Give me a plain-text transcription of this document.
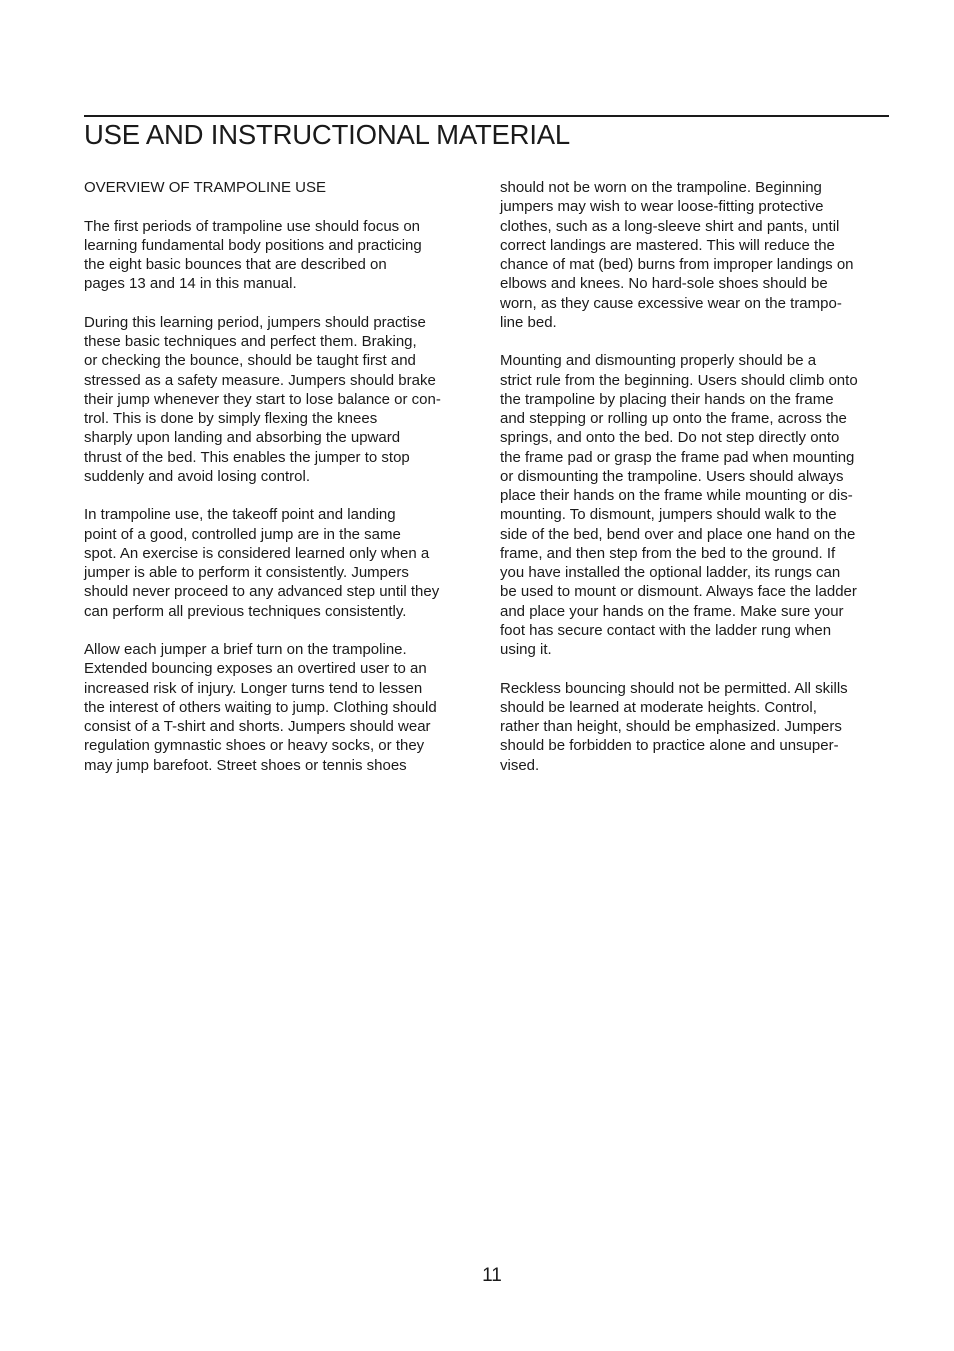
USE AND INSTRUCTIONAL MATERIAL
OVERVIEW OF TRAMPOLINE USE
The first periods of trampoline use should focus on
learning fundamental body positions and practicing
the eight basic bounces that are described on
pages 13 and 14 in this manual.
During this learning period, jumpers should practise
these basic techniques and perfect them. Braking,
or checking the bounce, should be taught first and
stressed as a safety measure. Jumpers should brake
their jump whenever they start to lose balance or con-
trol. This is done by simply flexing the knees
sharply upon landing and absorbing the upward
thrust of the bed. This enables the jumper to stop
suddenly and avoid losing control.
In trampoline use, the takeoff point and landing
point of a good, controlled jump are in the same
spot. An exercise is considered learned only when a
jumper is able to perform it consistently. Jumpers
should never proceed to any advanced step until they
can perform all previous techniques consistently.
Allow each jumper a brief turn on the trampoline.
Extended bouncing exposes an overtired user to an
increased risk of injury. Longer turns tend to lessen
the interest of others waiting to jump. Clothing should
consist of a T-shirt and shorts. Jumpers should wear
regulation gymnastic shoes or heavy socks, or they
may jump barefoot. Street shoes or tennis shoes
should not be worn on the trampoline. Beginning
jumpers may wish to wear loose-fitting protective
clothes, such as a long-sleeve shirt and pants, until
correct landings are mastered. This will reduce the
chance of mat (bed) burns from improper landings on
elbows and knees. No hard-sole shoes should be
worn, as they cause excessive wear on the trampo-
line bed.
Mounting and dismounting properly should be a
strict rule from the beginning. Users should climb onto
the trampoline by placing their hands on the frame
and stepping or rolling up onto the frame, across the
springs, and onto the bed. Do not step directly onto
the frame pad or grasp the frame pad when mounting
or dismounting the trampoline. Users should always
place their hands on the frame while mounting or dis-
mounting. To dismount, jumpers should walk to the
side of the bed, bend over and place one hand on the
frame, and then step from the bed to the ground. If
you have installed the optional ladder, its rungs can
be used to mount or dismount. Always face the ladder
and place your hands on the frame. Make sure your
foot has secure contact with the ladder rung when
using it.
Reckless bouncing should not be permitted. All skills
should be learned at moderate heights. Control,
rather than height, should be emphasized. Jumpers
should be forbidden to practice alone and unsuper-
vised.
11
